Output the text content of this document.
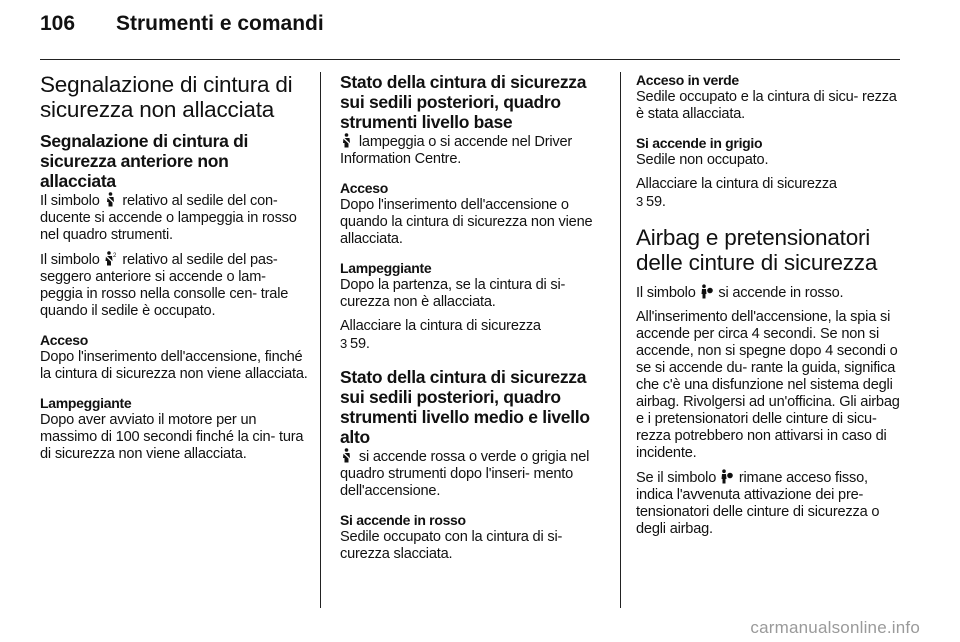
106	Strumenti e comandi
Segnalazione di cintura di sicurezza non allacciata
Segnalazione di cintura di sicurezza anteriore non allacciata

Il simbolo relativo al sedile del con- ducente si accende o lampeggia in rosso nel quadro strumenti.

Il simbolo 2 relativo al sedile del pas- seggero anteriore si accende o lam- peggia in rosso nella consolle cen- trale quando il sedile è occupato.

Acceso

Dopo l'inserimento dell'accensione, finché la cintura di sicurezza non viene allacciata.

Lampeggiante

Dopo aver avviato il motore per un massimo di 100 secondi finché la cin- tura di sicurezza non viene allacciata.

Stato della cintura di sicurezza sui sedili posteriori, quadro strumenti livello base

lampeggia o si accende nel Driver Information Centre.

Acceso

Dopo l'inserimento dell'accensione o quando la cintura di sicurezza non viene allacciata.

Lampeggiante

Dopo la partenza, se la cintura di si- curezza non è allacciata.

Allacciare la cintura di sicurezza
3 59.

Stato della cintura di sicurezza sui sedili posteriori, quadro strumenti livello medio e livello alto

si accende rossa o verde o grigia nel quadro strumenti dopo l'inseri- mento dell'accensione.

Si accende in rosso

Sedile occupato con la cintura di si- curezza slacciata.

Acceso in verde

Sedile occupato e la cintura di sicu- rezza è stata allacciata.

Si accende in grigio

Sedile non occupato.

Allacciare la cintura di sicurezza
3 59.

Airbag e pretensionatori delle cinture di sicurezza

Il simbolo si accende in rosso.

All'inserimento dell'accensione, la spia si accende per circa 4 secondi. Se non si accende, non si spegne dopo 4 secondi o se si accende du- rante la guida, significa che c'è una disfunzione nel sistema degli airbag. Rivolgersi ad un'officina. Gli airbag e i pretensionatori delle cinture di sicu- rezza potrebbero non attivarsi in caso di incidente.

Se il simbolo rimane acceso fisso, indica l'avvenuta attivazione dei pre- tensionatori delle cinture di sicurezza o degli airbag.

carmanualsonline.info
